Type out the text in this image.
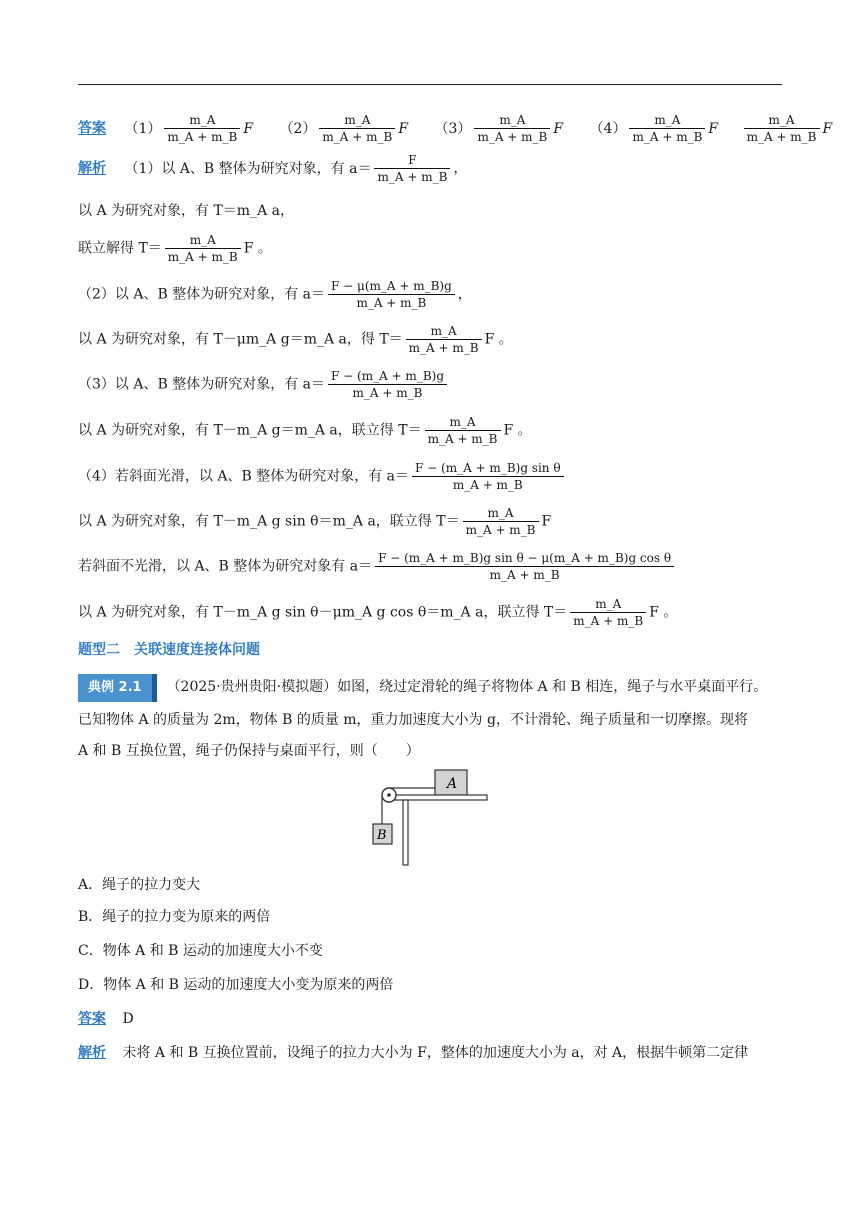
答案 $(1) \frac{m\_A}{m\_A + m\_B}$ F $(2) \frac{m\_A}{m\_A + m\_B}$ F $(3) \frac{m\_A}{m\_A + m\_B}$ F $(4) \frac{m\_A}{m\_A + m\_B}$ F $\frac{m\_A}{m\_A + m\_B}$ F
解析 （1）以 A、B 整体为研究对象，有 $a= \frac{F}{m\_A + m\_B}$ ，
以 A 为研究对象，有 T＝m_A a，
联立解得 $T= \frac{m\_A}{m\_A + m\_B}$ F 。
（2）以 A、B 整体为研究对象，有 $a= \frac{F - \mu(m\_A + m\_B)g}{m\_A + m\_B}$ ，
以 A 为研究对象，有 T－μm_A g＝m_A a，得 $T= \frac{m\_A}{m\_A + m\_B}$ F 。
（3）以 A、B 整体为研究对象，有 $a= \frac{F - (m\_A + m\_B)g}{m\_A + m\_B}$
以 A 为研究对象，有 T－m_A g＝m_A a，联立得 $T= \frac{m\_A}{m\_A + m\_B}$ F 。
（4）若斜面光滑，以 A、B 整体为研究对象，有 $a= \frac{\text{F − (m\_A + m\_B)g sin θ}}{m\_A + m\_B}$
以 A 为研究对象，有 T－m_A g sin θ＝m_A a，联立得 $T= \frac{m\_A}{m\_A + m\_B}$ F
若斜面不光滑，以 A、B 整体为研究对象有 $a= \frac{\text{F − (m\_A + m\_B)g sin θ − μ(m\_A + m\_B)g cos θ}}{m\_A + m\_B}$
以 A 为研究对象，有 T－m_A g sin θ－μm_A g cos θ＝m_A a，联立得 $T= \frac{m\_A}{m\_A + m\_B}$ F 。
题型二　关联速度连接体问题
典例 2.1 （2025·贵州贵阳·模拟题）如图，绕过定滑轮的绳子将物体 A 和 B 相连，绳子与水平桌面平行。
已知物体 A 的质量为 2m，物体 B 的质量 m，重力加速度大小为 g，不计滑轮、绳子质量和一切摩擦。现将
A 和 B 互换位置，绳子仍保持与桌面平行，则（　　）
A
B
A．绳子的拉力变大
B．绳子的拉力变为原来的两倍
C．物体 A 和 B 运动的加速度大小不变
D．物体 A 和 B 运动的加速度大小变为原来的两倍
答案 D
解析 未将 A 和 B 互换位置前，设绳子的拉力大小为 F，整体的加速度大小为 a，对 A，根据牛顿第二定律
